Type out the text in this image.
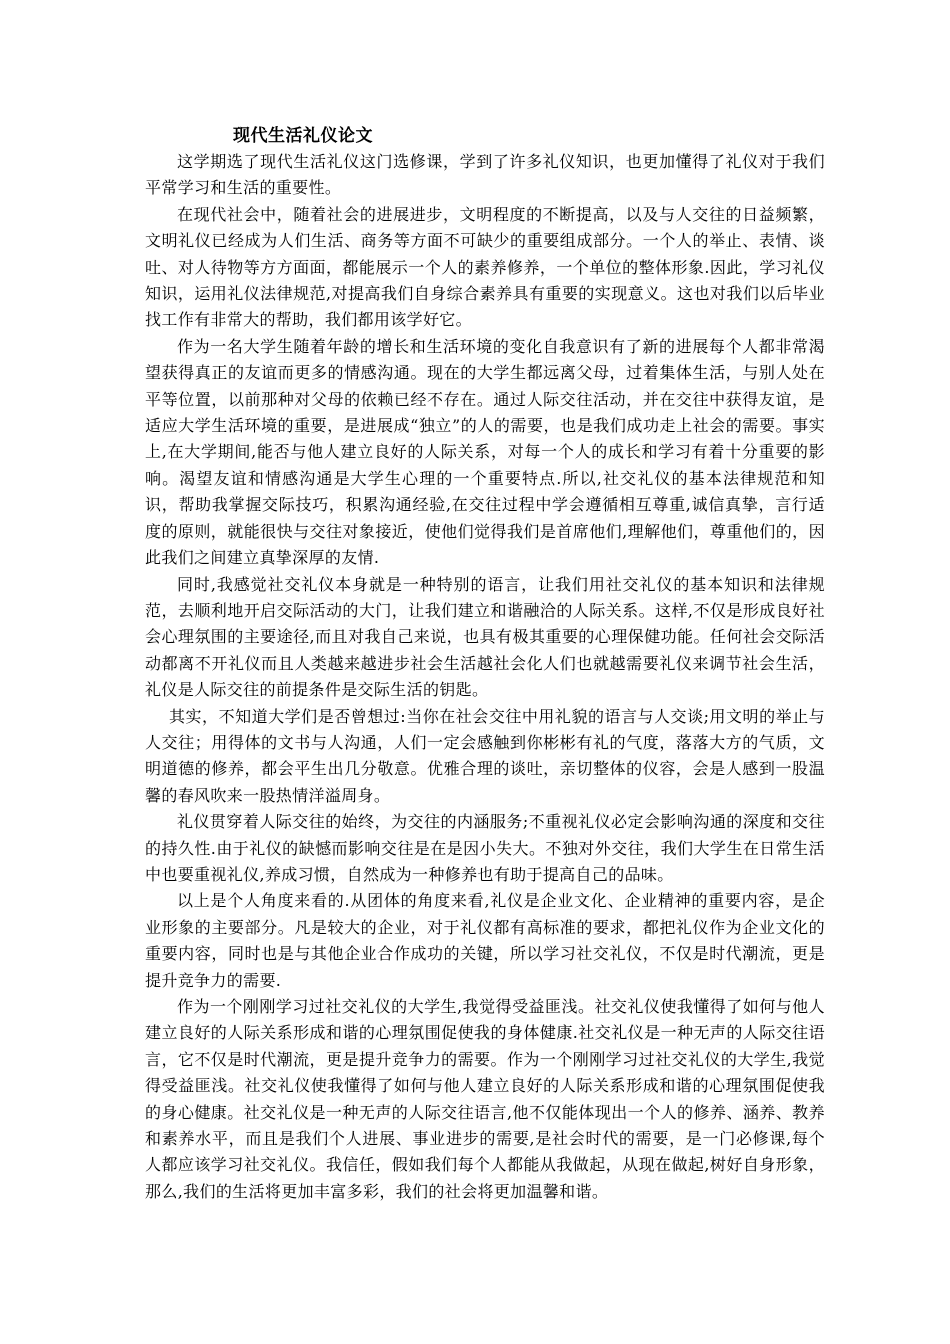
现代生活礼仪论文

这学期选了现代生活礼仪这门选修课，学到了许多礼仪知识，也更加懂得了礼仪对于我们平常学习和生活的重要性。

在现代社会中，随着社会的进展进步，文明程度的不断提高，以及与人交往的日益频繁，文明礼仪已经成为人们生活、商务等方面不可缺少的重要组成部分。一个人的举止、表情、谈吐、对人待物等方方面面，都能展示一个人的素养修养，一个单位的整体形象.因此，学习礼仪知识，运用礼仪法律规范,对提高我们自身综合素养具有重要的实现意义。这也对我们以后毕业找工作有非常大的帮助，我们都用该学好它。

作为一名大学生随着年龄的增长和生活环境的变化自我意识有了新的进展每个人都非常渴望获得真正的友谊而更多的情感沟通。现在的大学生都远离父母，过着集体生活，与别人处在平等位置，以前那种对父母的依赖已经不存在。通过人际交往活动，并在交往中获得友谊，是适应大学生活环境的重要，是进展成“独立”的人的需要，也是我们成功走上社会的需要。事实上,在大学期间,能否与他人建立良好的人际关系，对每一个人的成长和学习有着十分重要的影响。渴望友谊和情感沟通是大学生心理的一个重要特点.所以,社交礼仪的基本法律规范和知识，帮助我掌握交际技巧，积累沟通经验,在交往过程中学会遵循相互尊重,诚信真挚，言行适度的原则，就能很快与交往对象接近，使他们觉得我们是首席他们,理解他们，尊重他们的，因此我们之间建立真挚深厚的友情.

同时,我感觉社交礼仪本身就是一种特别的语言，让我们用社交礼仪的基本知识和法律规范，去顺利地开启交际活动的大门，让我们建立和谐融洽的人际关系。这样,不仅是形成良好社会心理氛围的主要途径,而且对我自己来说，也具有极其重要的心理保健功能。任何社会交际活动都离不开礼仪而且人类越来越进步社会生活越社会化人们也就越需要礼仪来调节社会生活，礼仪是人际交往的前提条件是交际生活的钥匙。

其实，不知道大学们是否曾想过:当你在社会交往中用礼貌的语言与人交谈;用文明的举止与人交往；用得体的文书与人沟通，人们一定会感触到你彬彬有礼的气度，落落大方的气质，文明道德的修养，都会平生出几分敬意。优雅合理的谈吐，亲切整体的仪容，会是人感到一股温馨的春风吹来一股热情洋溢周身。

礼仪贯穿着人际交往的始终，为交往的内涵服务;不重视礼仪必定会影响沟通的深度和交往的持久性.由于礼仪的缺憾而影响交往是在是因小失大。不独对外交往，我们大学生在日常生活中也要重视礼仪,养成习惯，自然成为一种修养也有助于提高自己的品味。

以上是个人角度来看的.从团体的角度来看,礼仪是企业文化、企业精神的重要内容，是企业形象的主要部分。凡是较大的企业，对于礼仪都有高标准的要求，都把礼仪作为企业文化的重要内容，同时也是与其他企业合作成功的关键，所以学习社交礼仪，不仅是时代潮流，更是提升竞争力的需要.

作为一个刚刚学习过社交礼仪的大学生,我觉得受益匪浅。社交礼仪使我懂得了如何与他人建立良好的人际关系形成和谐的心理氛围促使我的身体健康.社交礼仪是一种无声的人际交往语言，它不仅是时代潮流，更是提升竞争力的需要。作为一个刚刚学习过社交礼仪的大学生,我觉得受益匪浅。社交礼仪使我懂得了如何与他人建立良好的人际关系形成和谐的心理氛围促使我的身心健康。社交礼仪是一种无声的人际交往语言,他不仅能体现出一个人的修养、涵养、教养和素养水平，而且是我们个人进展、事业进步的需要,是社会时代的需要，是一门必修课,每个人都应该学习社交礼仪。我信任，假如我们每个人都能从我做起，从现在做起,树好自身形象，那么,我们的生活将更加丰富多彩，我们的社会将更加温馨和谐。
